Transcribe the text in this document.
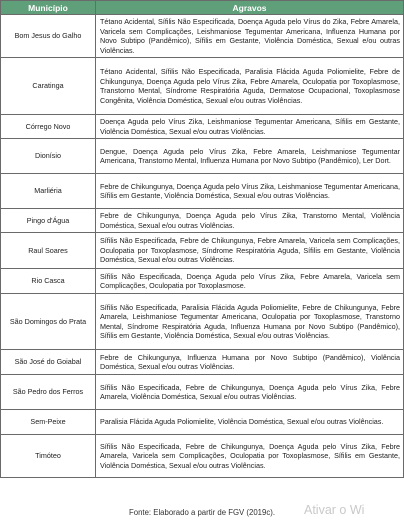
Município	Agravos
Bom Jesus do Galho	Tétano Acidental, Sífilis Não Especificada, Doença Aguda pelo Vírus do Zika, Febre Amarela, Varicela sem Complicações, Leishmaniose Tegumentar Americana, Influenza Humana por Novo Subtipo (Pandêmico), Sífilis em Gestante, Violência Doméstica, Sexual e/ou outras Violências.
Caratinga	Tétano Acidental, Sífilis Não Especificada, Paralisia Flácida Aguda Poliomielite, Febre de Chikungunya, Doença Aguda pelo Vírus Zika, Febre Amarela, Oculopatia por Toxoplasmose, Transtorno Mental, Síndrome Respiratória Aguda, Dermatose Ocupacional, Toxoplasmose Congênita, Violência Doméstica, Sexual e/ou outras Violências.
Córrego Novo	Doença Aguda pelo Vírus Zika, Leishmaniose Tegumentar Americana, Sífilis em Gestante, Violência Doméstica, Sexual e/ou outras Violências.
Dionísio	Dengue, Doença Aguda pelo Vírus Zika, Febre Amarela, Leishmaniose Tegumentar Americana, Transtorno Mental, Influenza Humana por Novo Subtipo (Pandêmico), Ler Dort.
Marliéria	Febre de Chikungunya, Doença Aguda pelo Vírus Zika, Leishmaniose Tegumentar Americana, Sífilis em Gestante, Violência Doméstica, Sexual e/ou outras Violências.
Pingo d'Água	Febre de Chikungunya, Doença Aguda pelo Vírus Zika, Transtorno Mental, Violência Doméstica, Sexual e/ou outras Violências.
Raul Soares	Sífilis Não Especificada, Febre de Chikungunya, Febre Amarela, Varicela sem Complicações, Oculopatia por Toxoplasmose, Síndrome Respiratória Aguda, Sífilis em Gestante, Violência Doméstica, Sexual e/ou outras Violências.
Rio Casca	Sífilis Não Especificada, Doença Aguda pelo Vírus Zika, Febre Amarela, Varicela sem Complicações, Oculopatia por Toxoplasmose.
São Domingos do Prata	Sífilis Não Especificada, Paralisia Flácida Aguda Poliomielite, Febre de Chikungunya, Febre Amarela, Leishmaniose Tegumentar Americana, Oculopatia por Toxoplasmose, Transtorno Mental, Síndrome Respiratória Aguda, Influenza Humana por Novo Subtipo (Pandêmico), Sífilis em Gestante, Violência Doméstica, Sexual e/ou outras Violências.
São José do Goiabal	Febre de Chikungunya, Influenza Humana por Novo Subtipo (Pandêmico), Violência Doméstica, Sexual e/ou outras Violências.
São Pedro dos Ferros	Sífilis Não Especificada, Febre de Chikungunya, Doença Aguda pelo Vírus Zika, Febre Amarela, Violência Doméstica, Sexual e/ou outras Violências.
Sem-Peixe	Paralisia Flácida Aguda Poliomielite, Violência Doméstica, Sexual e/ou outras Violências.
Timóteo	Sífilis Não Especificada, Febre de Chikungunya, Doença Aguda pelo Vírus Zika, Febre Amarela, Varicela sem Complicações, Oculopatia por Toxoplasmose, Sífilis em Gestante, Violência Doméstica, Sexual e/ou outras Violências.
Fonte: Elaborado a partir de FGV (2019c).	Ativar o Wi
